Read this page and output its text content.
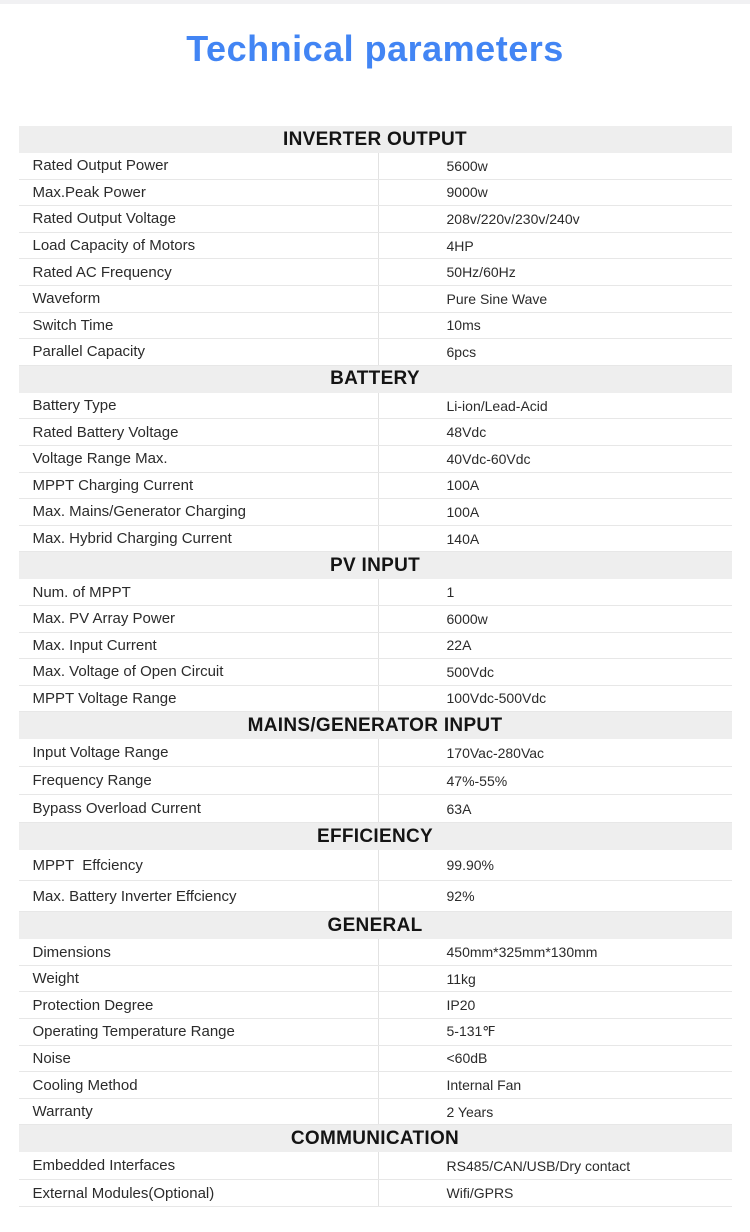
Technical parameters
INVERTER OUTPUT
Rated Output Power	5600w
Max.Peak Power	9000w
Rated Output Voltage	208v/220v/230v/240v
Load Capacity of Motors	4HP
Rated AC Frequency	50Hz/60Hz
Waveform	Pure Sine Wave
Switch Time	10ms
Parallel Capacity	6pcs
BATTERY
Battery Type	Li-ion/Lead-Acid
Rated Battery Voltage	48Vdc
Voltage Range Max.	40Vdc-60Vdc
MPPT Charging Current	100A
Max. Mains/Generator Charging	100A
Max. Hybrid Charging Current	140A
PV INPUT
Num. of MPPT	1
Max. PV Array Power	6000w
Max. Input Current	22A
Max. Voltage of Open Circuit	500Vdc
MPPT Voltage Range	100Vdc-500Vdc
MAINS/GENERATOR INPUT
Input Voltage Range	170Vac-280Vac
Frequency Range	47%-55%
Bypass Overload Current	63A
EFFICIENCY
MPPT  Effciency	99.90%
Max. Battery Inverter Effciency	92%
GENERAL
Dimensions	450mm*325mm*130mm
Weight	11kg
Protection Degree	IP20
Operating Temperature Range	5-131℉
Noise	<60dB
Cooling Method	Internal Fan
Warranty	2 Years
COMMUNICATION
Embedded Interfaces	RS485/CAN/USB/Dry contact
External Modules(Optional)	Wifi/GPRS
